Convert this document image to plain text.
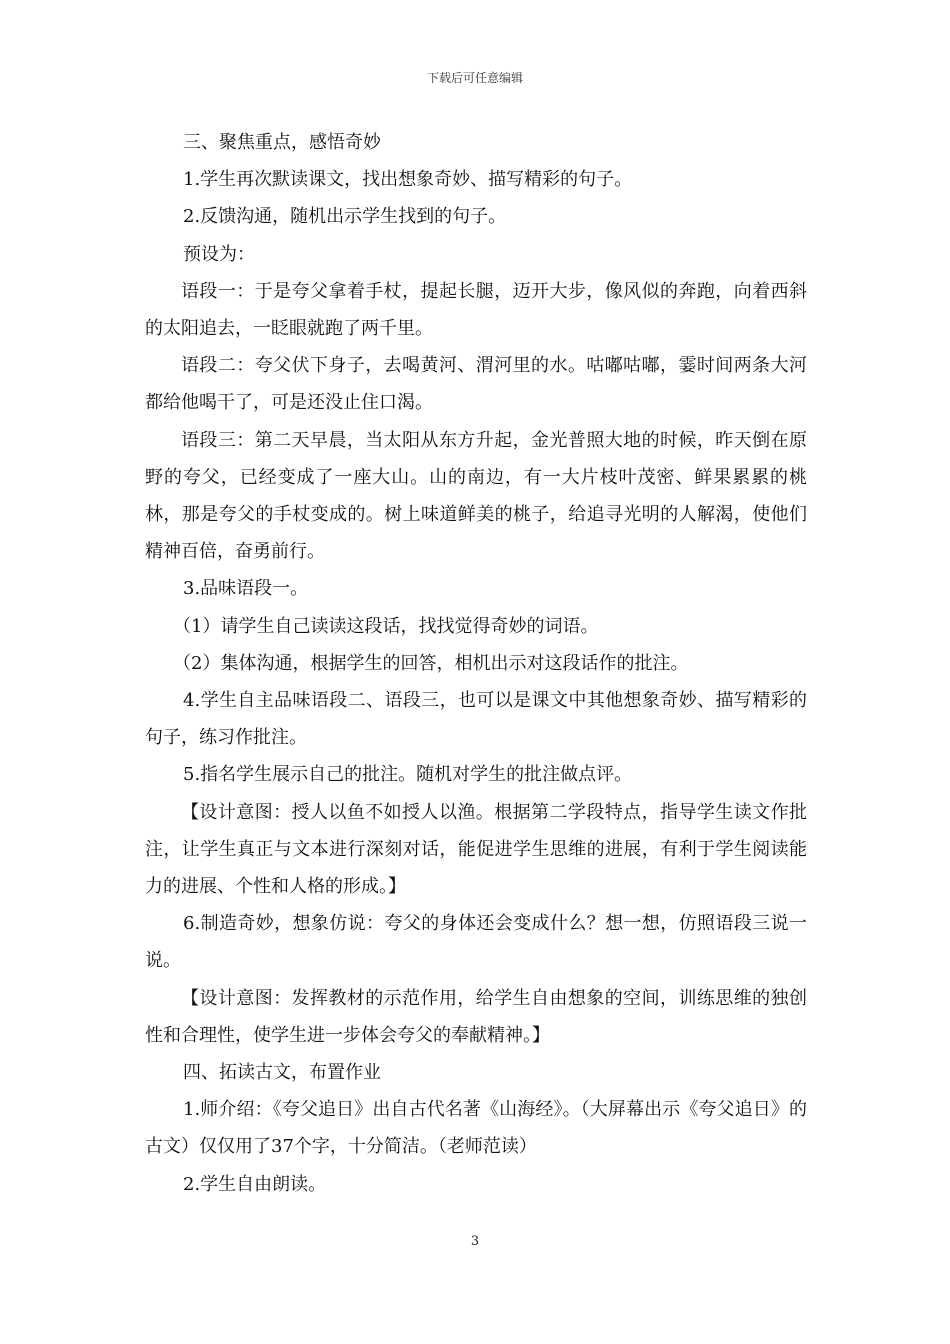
下载后可任意编辑

三、聚焦重点，感悟奇妙

1.学生再次默读课文，找出想象奇妙、描写精彩的句子。

2.反馈沟通，随机出示学生找到的句子。

预设为：

语段一：于是夸父拿着手杖，提起长腿，迈开大步，像风似的奔跑，向着西斜的太阳追去，一眨眼就跑了两千里。

语段二：夸父伏下身子，去喝黄河、渭河里的水。咕嘟咕嘟，霎时间两条大河都给他喝干了，可是还没止住口渴。

语段三：第二天早晨，当太阳从东方升起，金光普照大地的时候，昨天倒在原野的夸父，已经变成了一座大山。山的南边，有一大片枝叶茂密、鲜果累累的桃林，那是夸父的手杖变成的。树上味道鲜美的桃子，给追寻光明的人解渴，使他们精神百倍，奋勇前行。

3.品味语段一。

（1）请学生自己读读这段话，找找觉得奇妙的词语。

（2）集体沟通，根据学生的回答，相机出示对这段话作的批注。

4.学生自主品味语段二、语段三，也可以是课文中其他想象奇妙、描写精彩的句子，练习作批注。

5.指名学生展示自己的批注。随机对学生的批注做点评。

【设计意图：授人以鱼不如授人以渔。根据第二学段特点，指导学生读文作批注，让学生真正与文本进行深刻对话，能促进学生思维的进展，有利于学生阅读能力的进展、个性和人格的形成。】

6.制造奇妙，想象仿说：夸父的身体还会变成什么？想一想，仿照语段三说一说。

【设计意图：发挥教材的示范作用，给学生自由想象的空间，训练思维的独创性和合理性，使学生进一步体会夸父的奉献精神。】

四、拓读古文，布置作业

1.师介绍：《夸父追日》出自古代名著《山海经》。（大屏幕出示《夸父追日》的古文）仅仅用了37个字，十分简洁。（老师范读）

2.学生自由朗读。

3
